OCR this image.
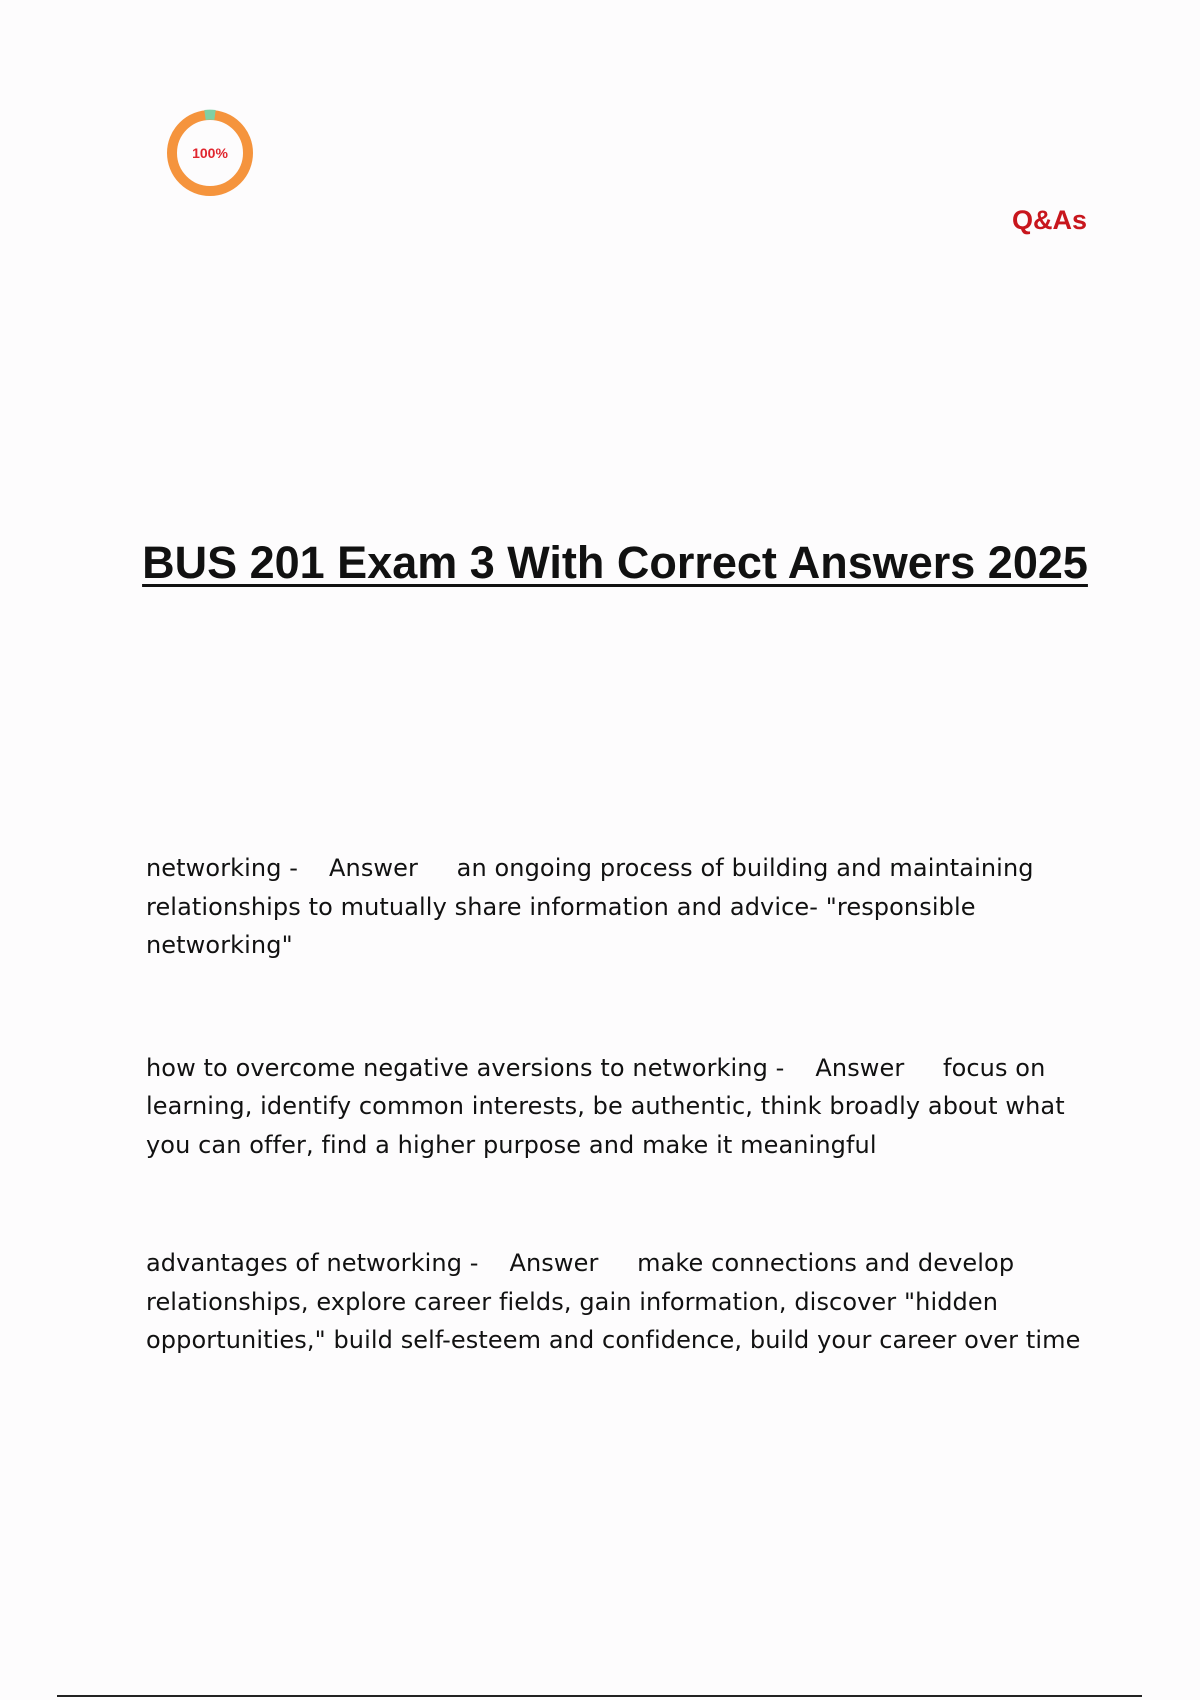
100%
Q&As
BUS 201 Exam 3 With Correct Answers 2025

networking - Answer an ongoing process of building and maintaining relationships to mutually share information and advice- "responsible networking"

how to overcome negative aversions to networking - Answer focus on learning, identify common interests, be authentic, think broadly about what you can offer, find a higher purpose and make it meaningful

advantages of networking - Answer make connections and develop relationships, explore career fields, gain information, discover "hidden opportunities," build self-esteem and confidence, build your career over time
